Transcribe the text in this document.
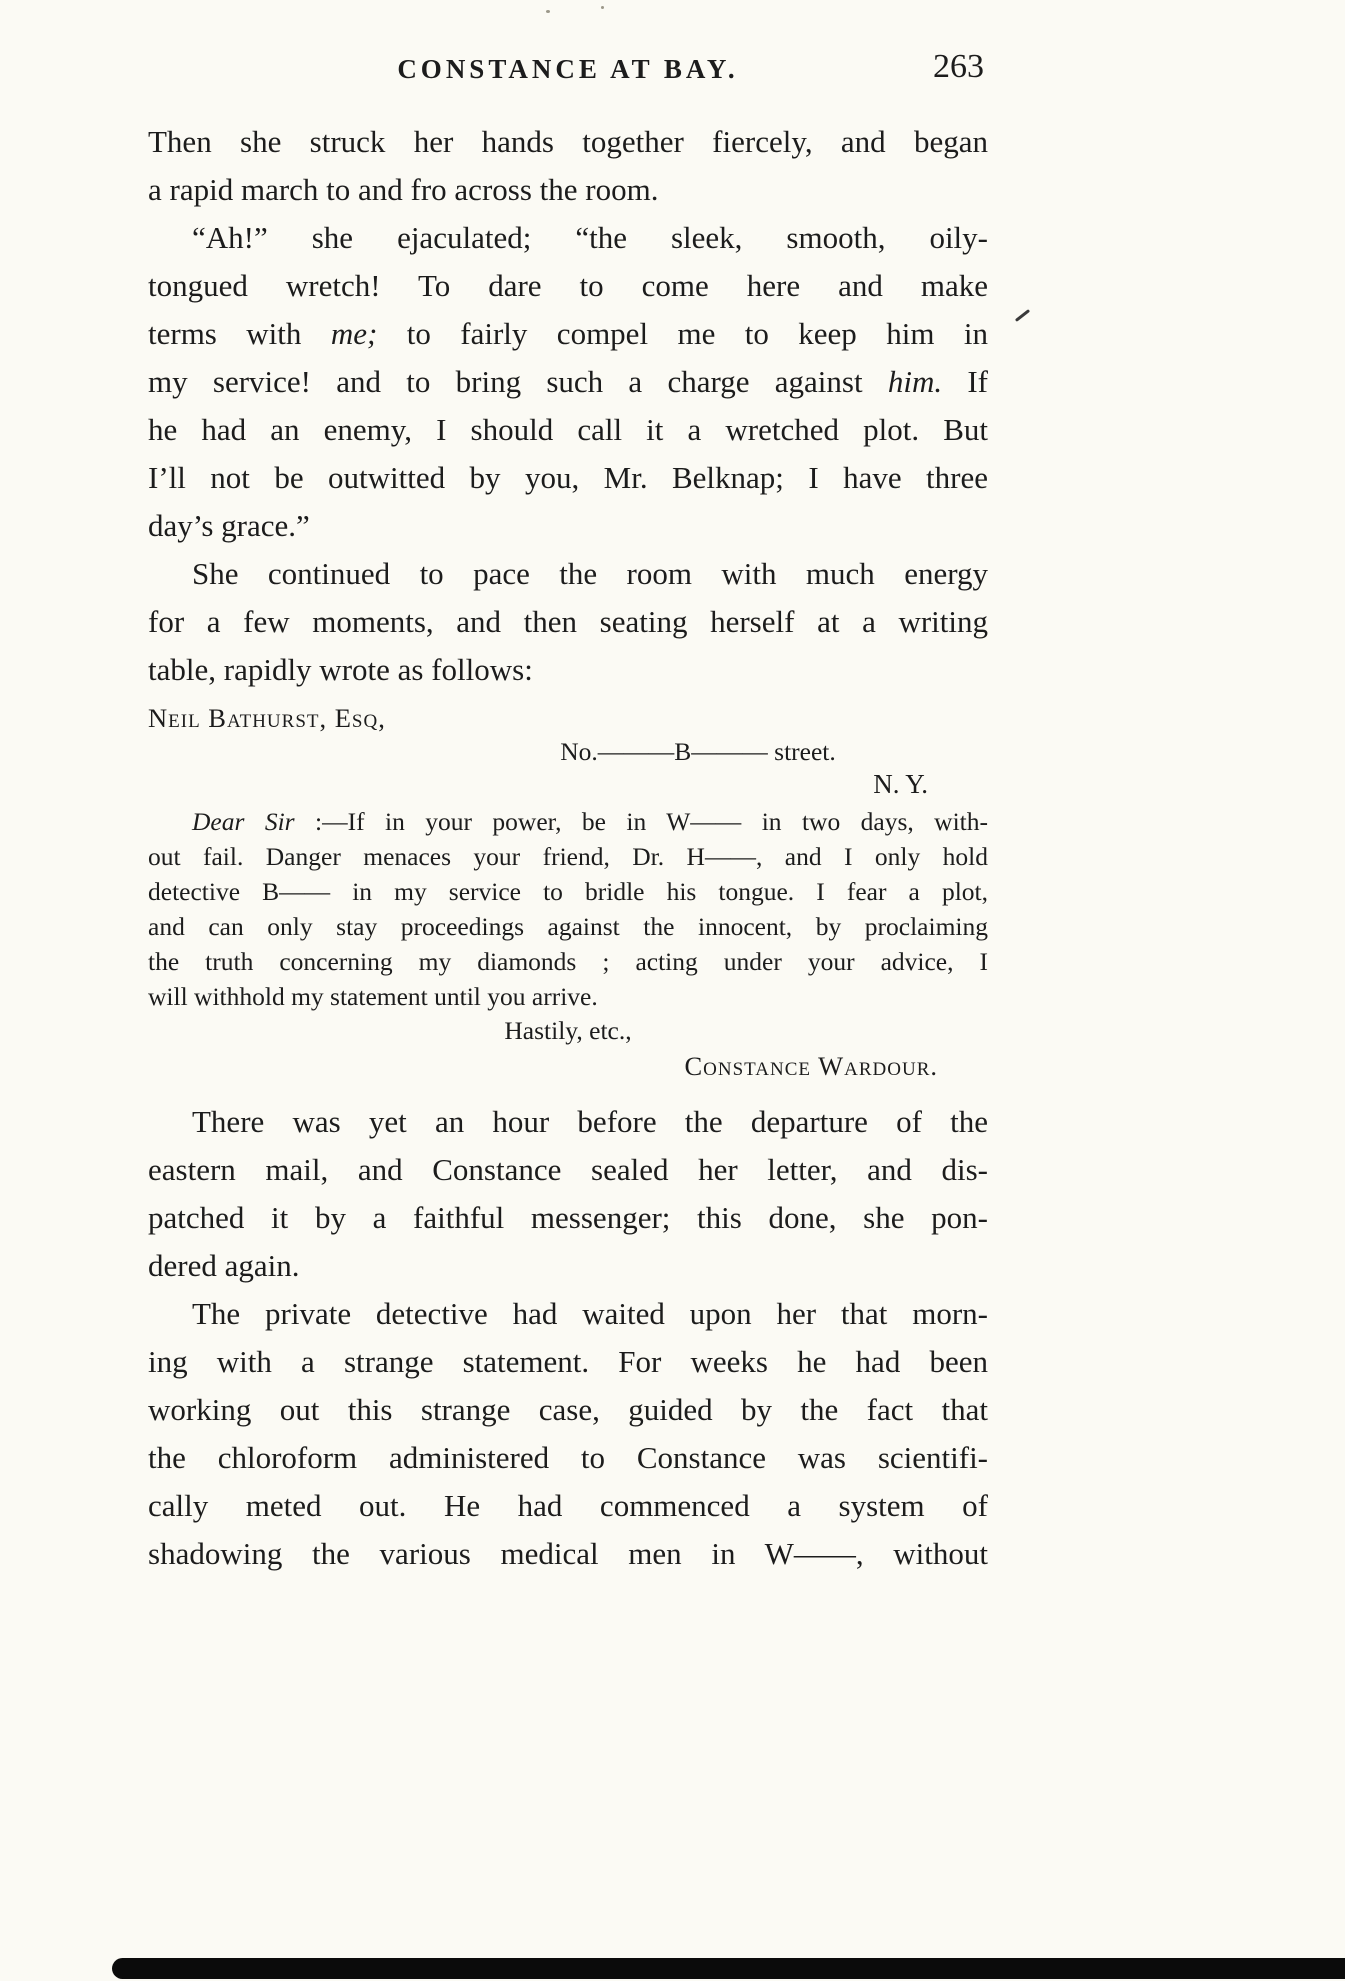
CONSTANCE AT BAY.	263

Then she struck her hands together fiercely, and began
a rapid march to and fro across the room.

“Ah!” she ejaculated; “the sleek, smooth, oily-
tongued wretch! To dare to come here and make
terms with me; to fairly compel me to keep him in
my service! and to bring such a charge against him. If
he had an enemy, I should call it a wretched plot. But
I’ll not be outwitted by you, Mr. Belknap; I have three
day’s grace.”

She continued to pace the room with much energy
for a few moments, and then seating herself at a writing
table, rapidly wrote as follows:

Neil Bathurst, Esq,
No.———B——— street.
N. Y.

Dear Sir :—If in your power, be in W—— in two days, with-
out fail. Danger menaces your friend, Dr. H——, and I only hold
detective B—— in my service to bridle his tongue. I fear a plot,
and can only stay proceedings against the innocent, by proclaiming
the truth concerning my diamonds ; acting under your advice, I
will withhold my statement until you arrive.

Hastily, etc.,
Constance Wardour.

There was yet an hour before the departure of the
eastern mail, and Constance sealed her letter, and dis-
patched it by a faithful messenger; this done, she pon-
dered again.

The private detective had waited upon her that morn-
ing with a strange statement. For weeks he had been
working out this strange case, guided by the fact that
the chloroform administered to Constance was scientifi-
cally meted out. He had commenced a system of
shadowing the various medical men in W——, without
